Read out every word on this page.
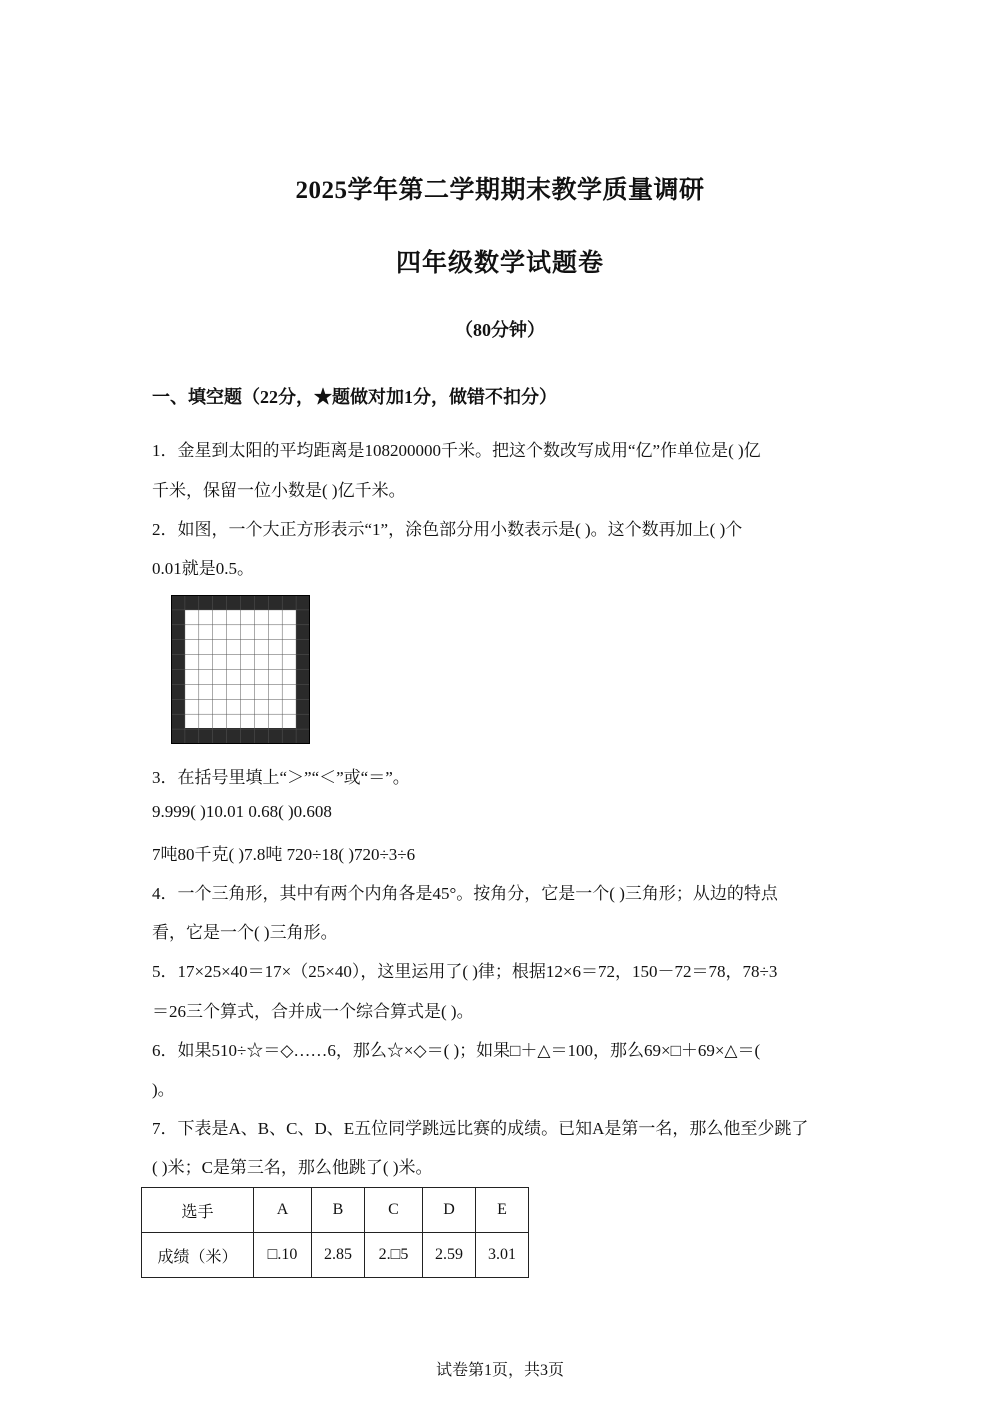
2025学年第二学期期末教学质量调研
四年级数学试题卷
（80分钟）
一、填空题（22分，★题做对加1分，做错不扣分）
1．金星到太阳的平均距离是108200000千米。把这个数改写成用“亿”作单位是( )亿
千米，保留一位小数是( )亿千米。
2．如图，一个大正方形表示“1”，涂色部分用小数表示是( )。这个数再加上( )个
0.01就是0.5。
3．在括号里填上“＞”“＜”或“＝”。
9.999( )10.01 0.68( )0.608
7吨80千克( )7.8吨 720÷18( )720÷3÷6
4．一个三角形，其中有两个内角各是45°。按角分，它是一个( )三角形；从边的特点
看，它是一个( )三角形。
5．17×25×40＝17×（25×40），这里运用了( )律；根据12×6＝72，150－72＝78，78÷3
＝26三个算式，合并成一个综合算式是( )。
6．如果510÷☆＝◇……6，那么☆×◇＝( )；如果□＋△＝100，那么69×□＋69×△＝(
)。
7．下表是A、B、C、D、E五位同学跳远比赛的成绩。已知A是第一名，那么他至少跳了
( )米；C是第三名，那么他跳了( )米。
选手	A	B	C	D	E
成绩（米）	□.10	2.85	2.□5	2.59	3.01
试卷第1页，共3页
